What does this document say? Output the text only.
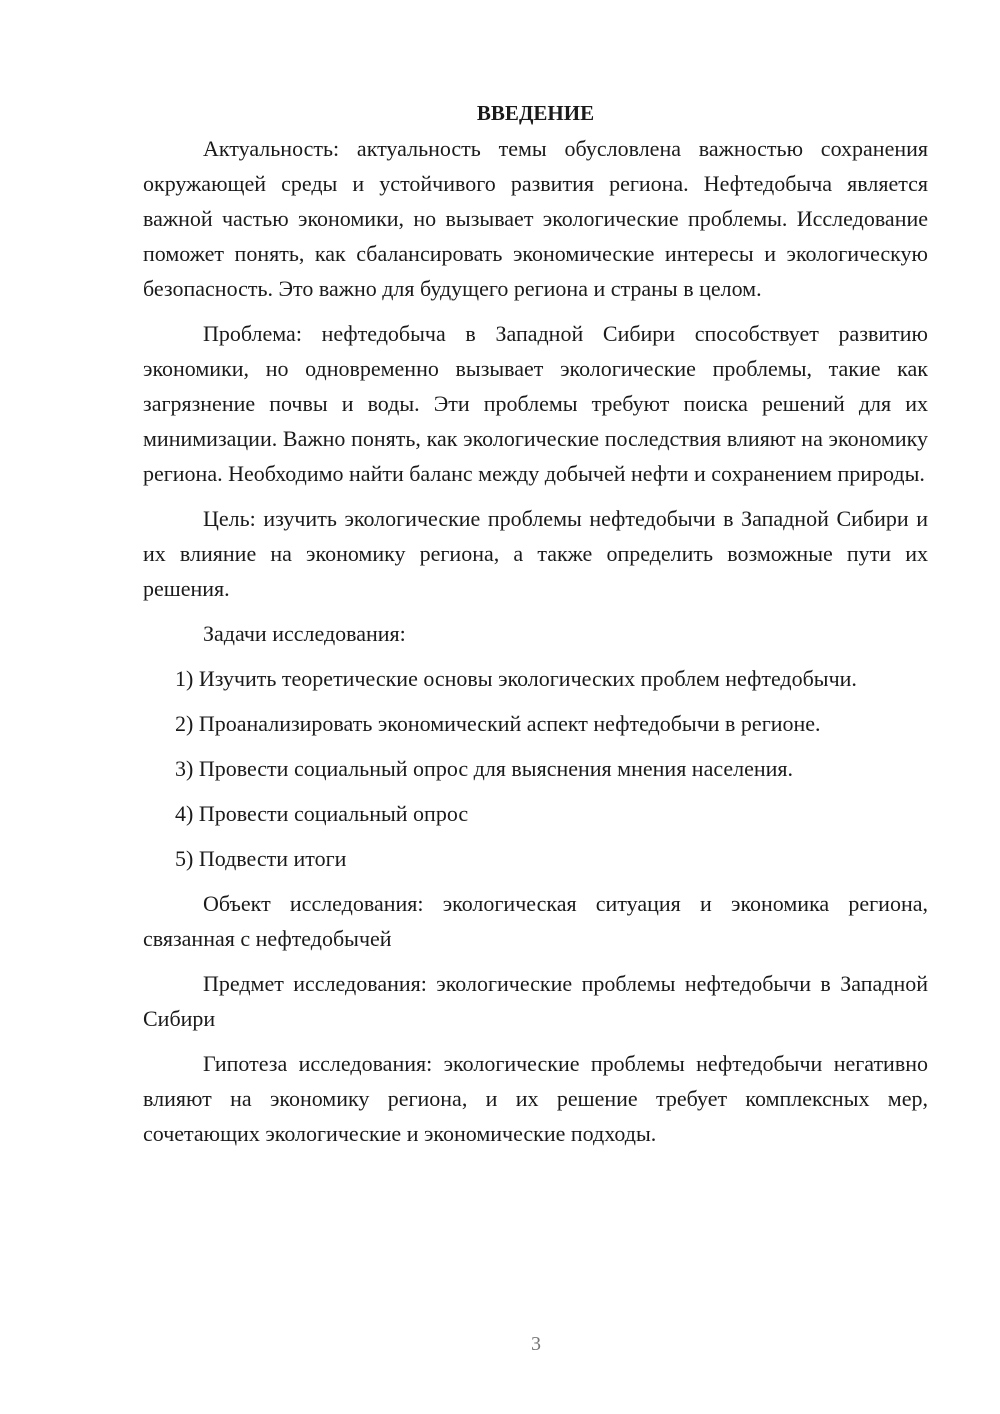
ВВЕДЕНИЕ

Актуальность: актуальность темы обусловлена важностью сохранения окружающей среды и устойчивого развития региона. Нефтедобыча является важной частью экономики, но вызывает экологические проблемы. Исследование поможет понять, как сбалансировать экономические интересы и экологическую безопасность. Это важно для будущего региона и страны в целом.

Проблема: нефтедобыча в Западной Сибири способствует развитию экономики, но одновременно вызывает экологические проблемы, такие как загрязнение почвы и воды. Эти проблемы требуют поиска решений для их минимизации. Важно понять, как экологические последствия влияют на экономику региона. Необходимо найти баланс между добычей нефти и сохранением природы.

Цель: изучить экологические проблемы нефтедобычи в Западной Сибири и их влияние на экономику региона, а также определить возможные пути их решения.

Задачи исследования:

1) Изучить теоретические основы экологических проблем нефтедобычи.

2) Проанализировать экономический аспект нефтедобычи в регионе.

3) Провести социальный опрос для выяснения мнения населения.

4) Провести социальный опрос

5) Подвести итоги

Объект исследования: экологическая ситуация и экономика региона, связанная с нефтедобычей

Предмет исследования: экологические проблемы нефтедобычи в Западной Сибири

Гипотеза исследования: экологические проблемы нефтедобычи негативно влияют на экономику региона, и их решение требует комплексных мер, сочетающих экологические и экономические подходы.

3
